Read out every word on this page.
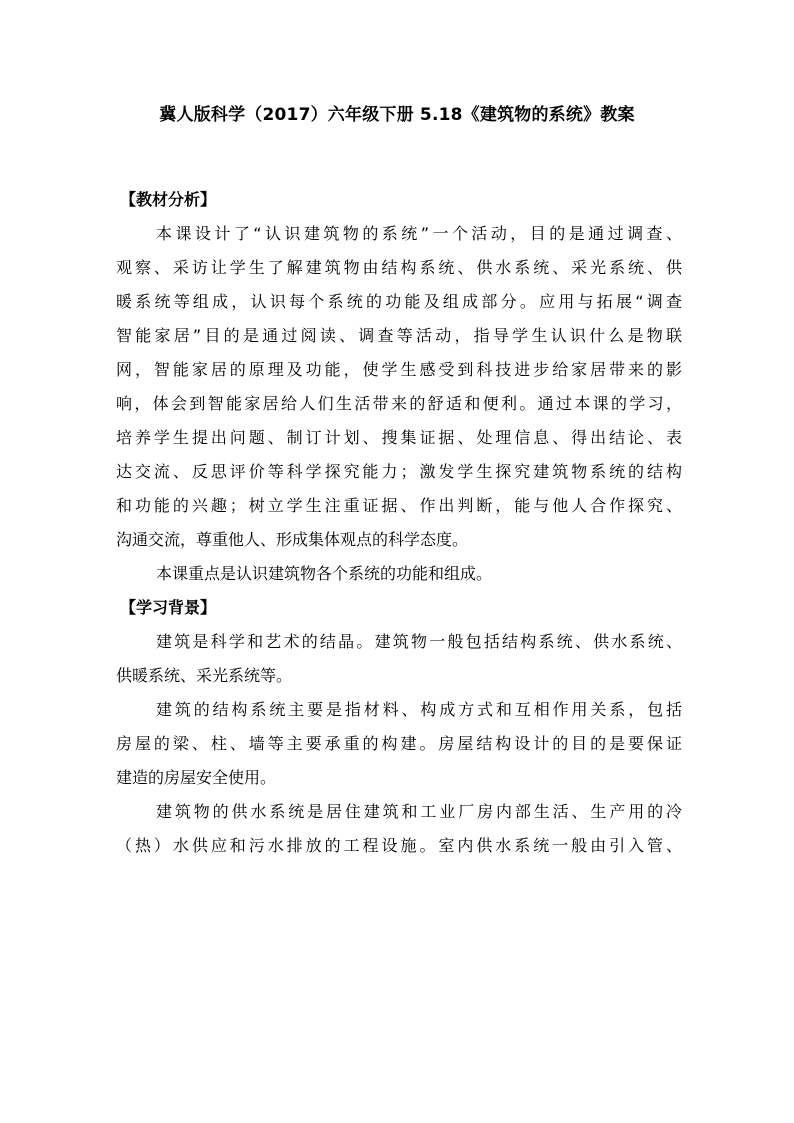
冀人版科学（2017）六年级下册 5.18《建筑物的系统》教案
【教材分析】
本课设计了“认识建筑物的系统”一个活动，目的是通过调查、
观察、采访让学生了解建筑物由结构系统、供水系统、采光系统、供
暖系统等组成，认识每个系统的功能及组成部分。应用与拓展“调查
智能家居”目的是通过阅读、调查等活动，指导学生认识什么是物联
网，智能家居的原理及功能，使学生感受到科技进步给家居带来的影
响，体会到智能家居给人们生活带来的舒适和便利。通过本课的学习，
培养学生提出问题、制订计划、搜集证据、处理信息、得出结论、表
达交流、反思评价等科学探究能力；激发学生探究建筑物系统的结构
和功能的兴趣；树立学生注重证据、作出判断，能与他人合作探究、
沟通交流，尊重他人、形成集体观点的科学态度。
本课重点是认识建筑物各个系统的功能和组成。
【学习背景】
建筑是科学和艺术的结晶。建筑物一般包括结构系统、供水系统、
供暖系统、采光系统等。
建筑的结构系统主要是指材料、构成方式和互相作用关系，包括
房屋的梁、柱、墙等主要承重的构建。房屋结构设计的目的是要保证
建造的房屋安全使用。
建筑物的供水系统是居住建筑和工业厂房内部生活、生产用的冷
（热）水供应和污水排放的工程设施。室内供水系统一般由引入管、
